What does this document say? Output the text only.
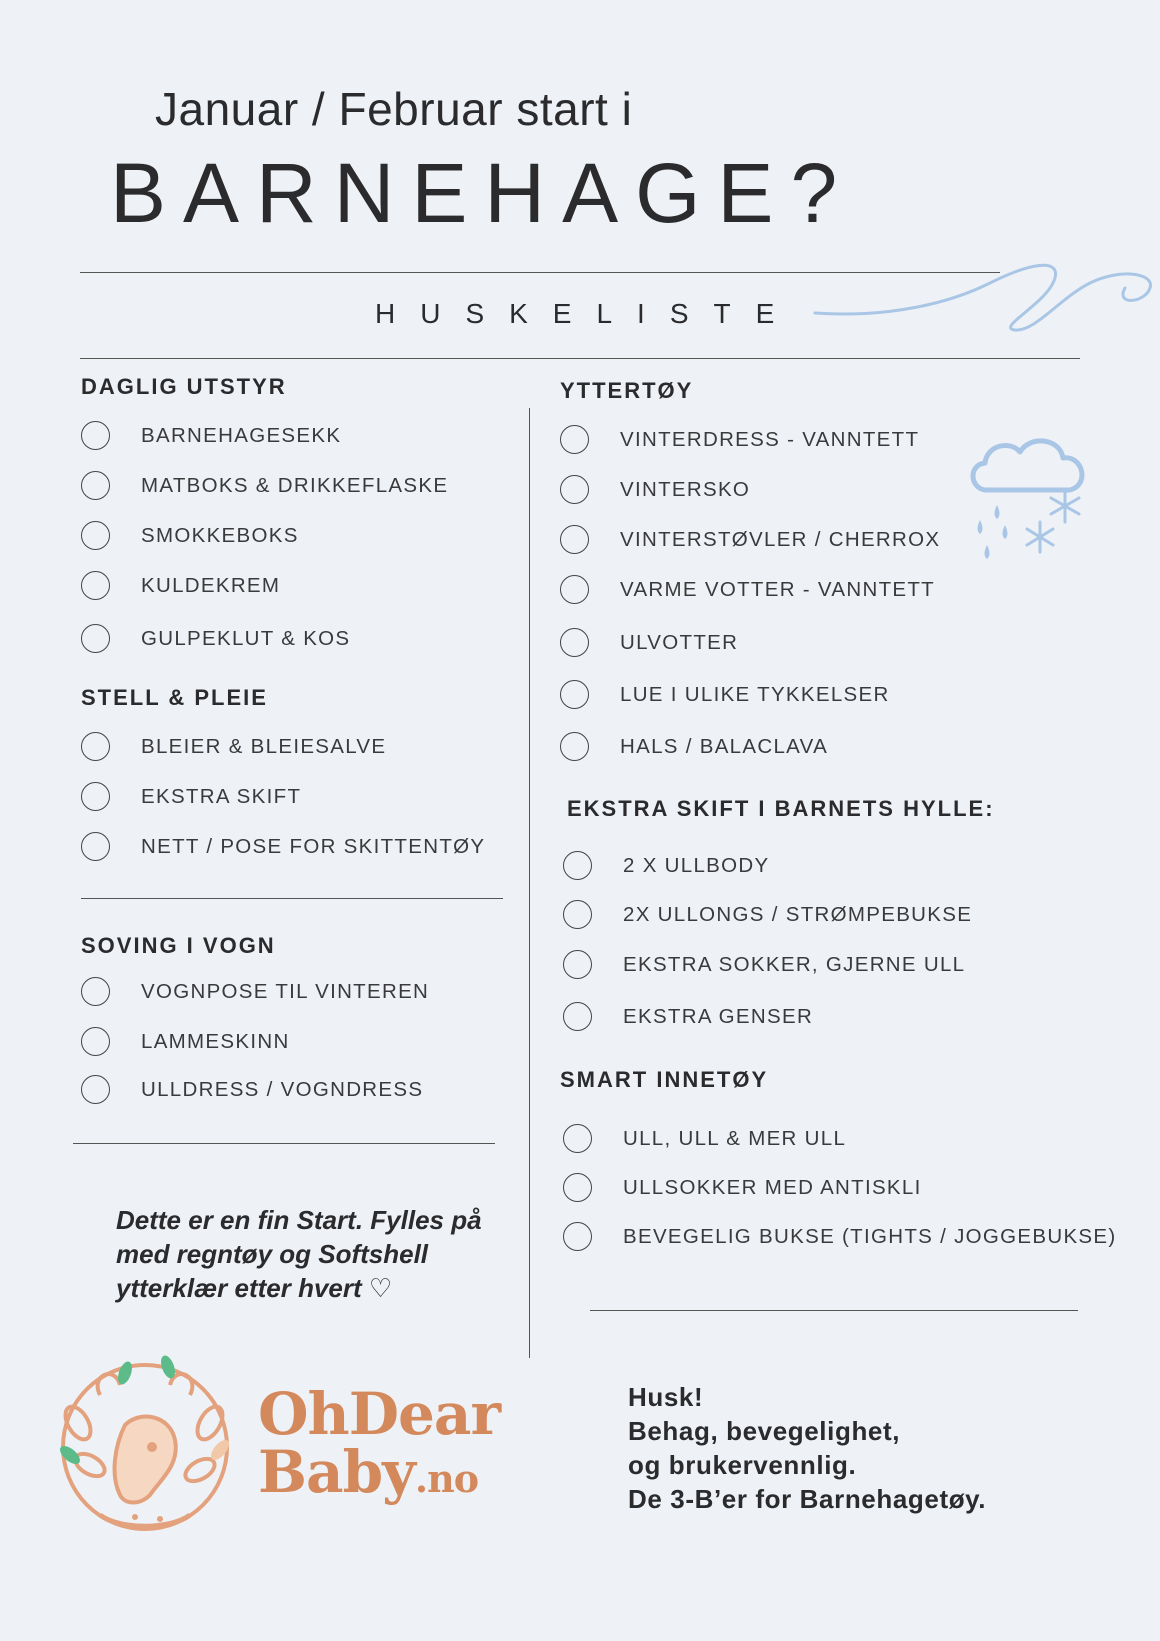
Januar / Februar start i
BARNEHAGE?
HUSKELISTE
DAGLIG UTSTYR
BARNEHAGESEKK
MATBOKS & DRIKKEFLASKE
SMOKKEBOKS
KULDEKREM
GULPEKLUT & KOS
STELL & PLEIE
BLEIER & BLEIESALVE
EKSTRA SKIFT
NETT / POSE FOR SKITTENTØY
SOVING I VOGN
VOGNPOSE TIL VINTEREN
LAMMESKINN
ULLDRESS / VOGNDRESS
Dette er en fin Start. Fylles på med regntøy og Softshell ytterklær etter hvert ♡
OhDear
Baby.no
YTTERTØY
VINTERDRESS - VANNTETT
VINTERSKO
VINTERSTØVLER / CHERROX
VARME VOTTER - VANNTETT
ULVOTTER
LUE I ULIKE TYKKELSER
HALS / BALACLAVA
EKSTRA SKIFT I BARNETS HYLLE:
2 X ULLBODY
2X ULLONGS / STRØMPEBUKSE
EKSTRA SOKKER, GJERNE ULL
EKSTRA GENSER
SMART INNETØY
ULL, ULL & MER ULL
ULLSOKKER MED ANTISKLI
BEVEGELIG BUKSE (TIGHTS / JOGGEBUKSE)
Husk!
Behag, bevegelighet,
og brukervennlig.
De 3-B’er for Barnehagetøy.
